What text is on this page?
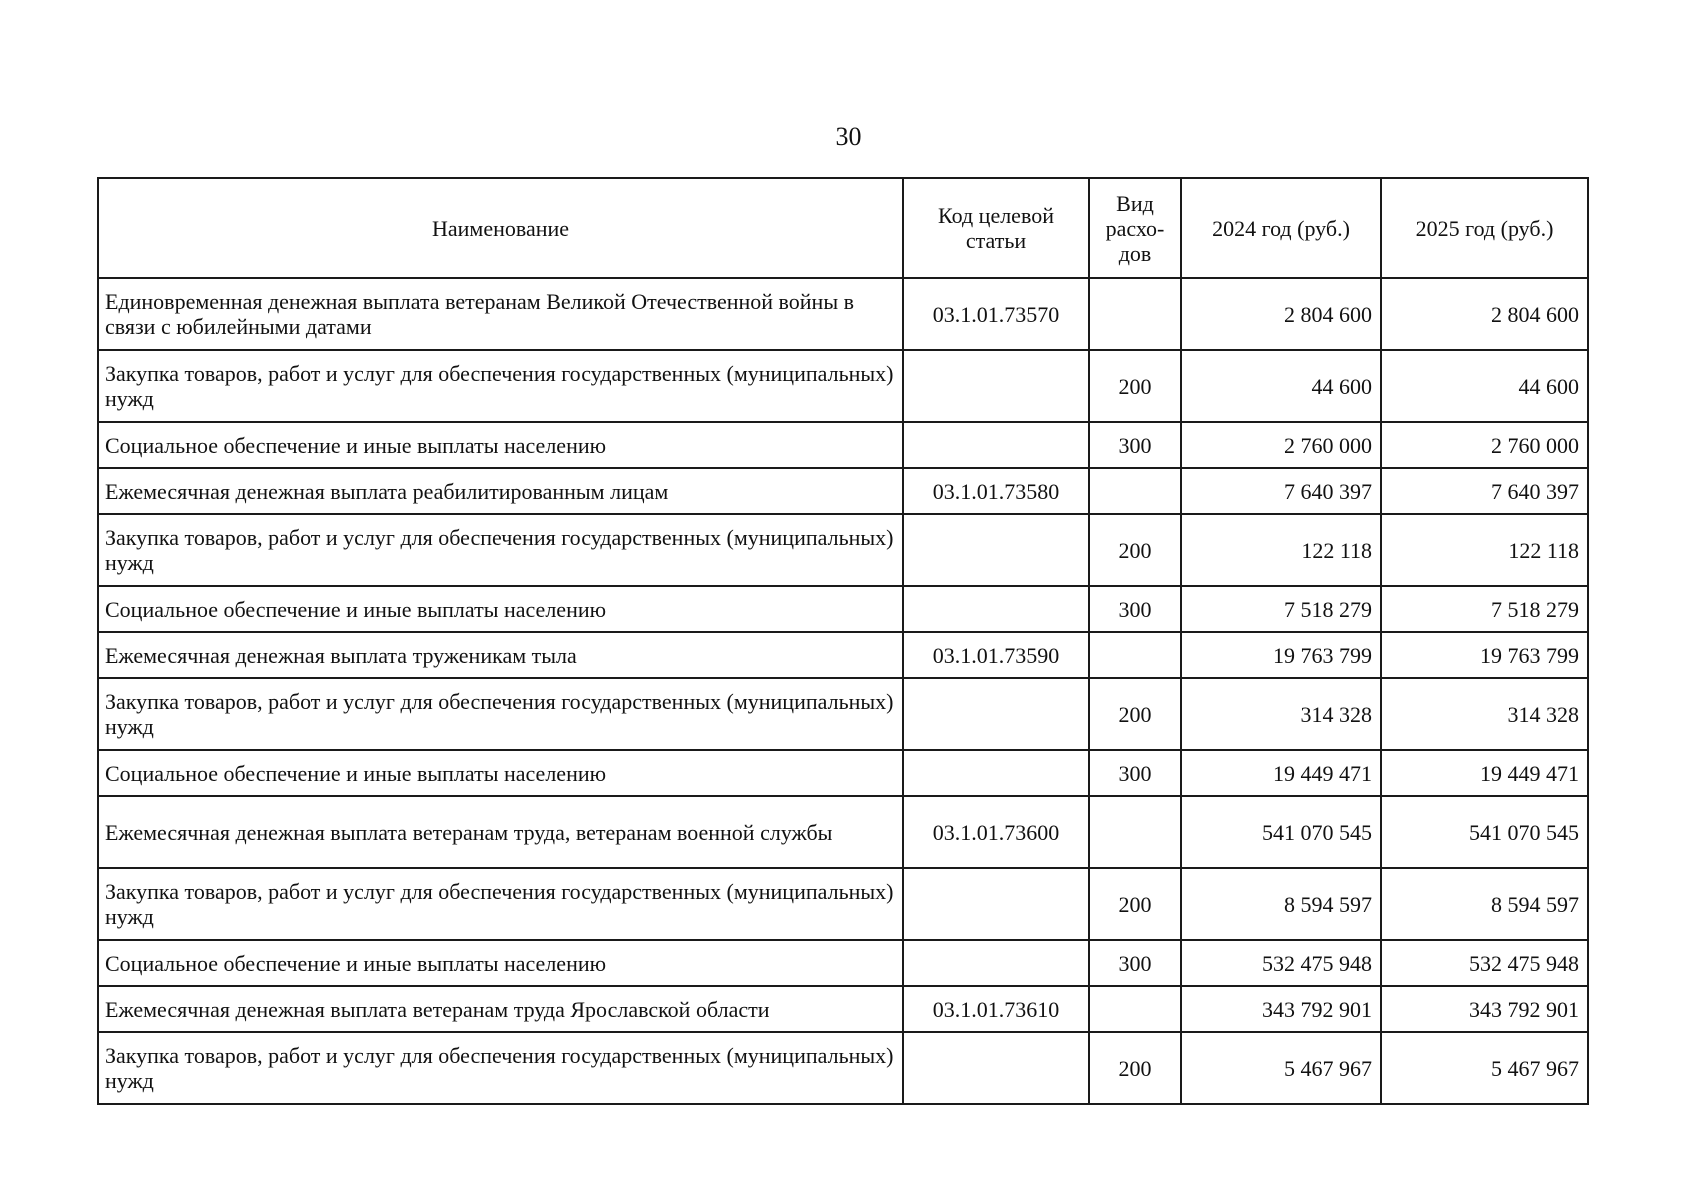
30
Наименование	Код целевой статьи	Вид расхо- дов	2024 год (руб.)	2025 год (руб.)
Единовременная денежная выплата ветеранам Великой Отечественной войны в связи с юбилейными датами	03.1.01.73570		2 804 600	2 804 600
Закупка товаров, работ и услуг для обеспечения государственных (муниципальных) нужд		200	44 600	44 600
Социальное обеспечение и иные выплаты населению		300	2 760 000	2 760 000
Ежемесячная денежная выплата реабилитированным лицам	03.1.01.73580		7 640 397	7 640 397
Закупка товаров, работ и услуг для обеспечения государственных (муниципальных) нужд		200	122 118	122 118
Социальное обеспечение и иные выплаты населению		300	7 518 279	7 518 279
Ежемесячная денежная выплата труженикам тыла	03.1.01.73590		19 763 799	19 763 799
Закупка товаров, работ и услуг для обеспечения государственных (муниципальных) нужд		200	314 328	314 328
Социальное обеспечение и иные выплаты населению		300	19 449 471	19 449 471
Ежемесячная денежная выплата ветеранам труда, ветеранам военной службы	03.1.01.73600		541 070 545	541 070 545
Закупка товаров, работ и услуг для обеспечения государственных (муниципальных) нужд		200	8 594 597	8 594 597
Социальное обеспечение и иные выплаты населению		300	532 475 948	532 475 948
Ежемесячная денежная выплата ветеранам труда Ярославской области	03.1.01.73610		343 792 901	343 792 901
Закупка товаров, работ и услуг для обеспечения государственных (муниципальных) нужд		200	5 467 967	5 467 967
